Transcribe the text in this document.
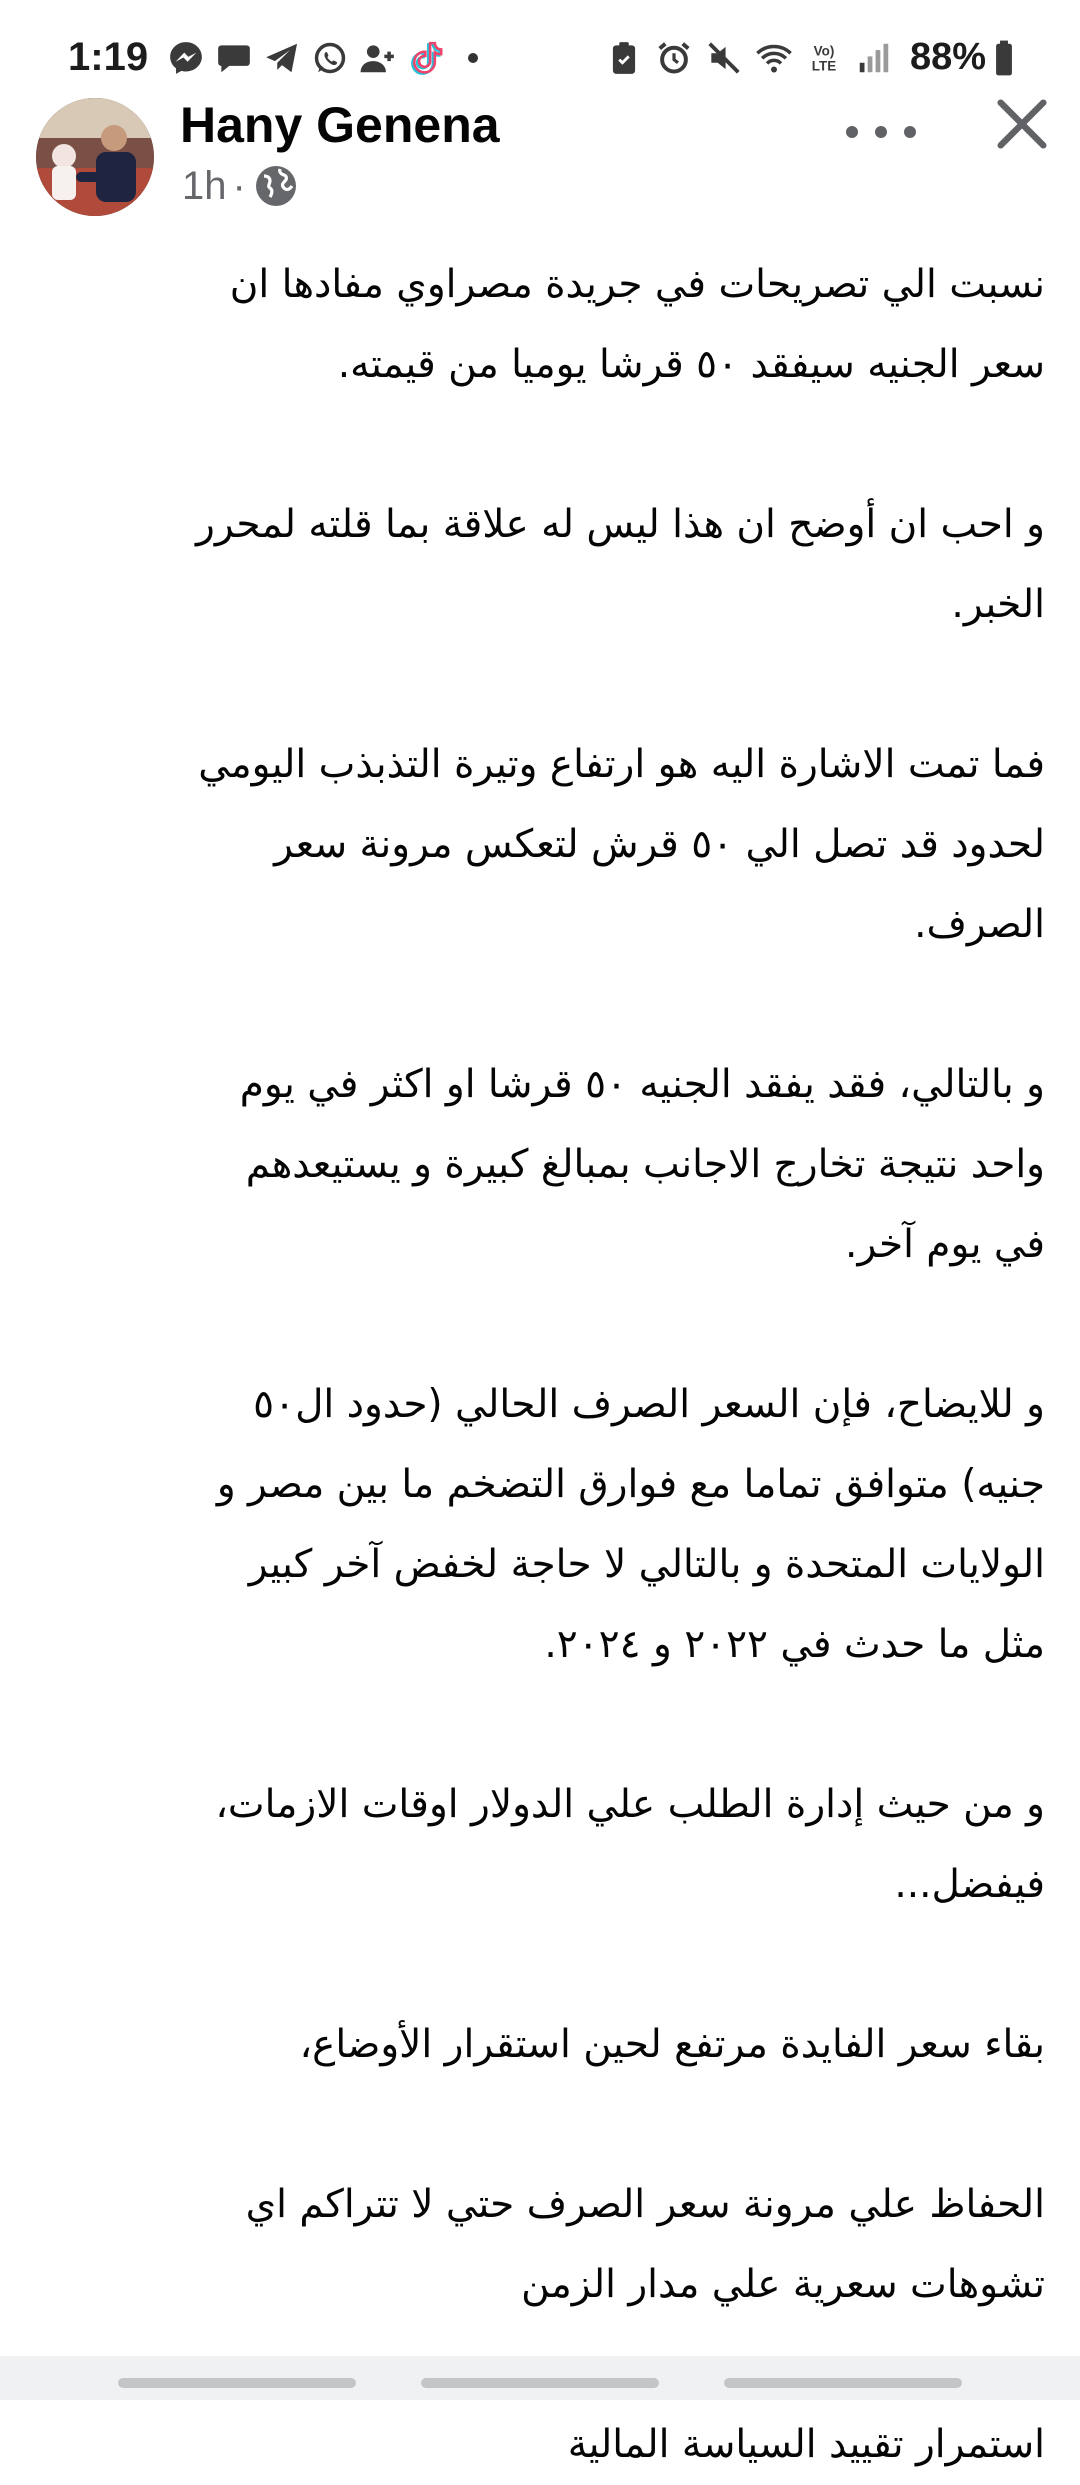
1:19	Vo)
LTE 88%
Hany Genena
1h ·
نسبت الي تصريحات في جريدة مصراوي مفادها ان
سعر الجنيه سيفقد ٥٠ قرشا يوميا من قيمته.
و احب ان أوضح ان هذا ليس له علاقة بما قلته لمحرر
الخبر.
فما تمت الاشارة اليه هو ارتفاع وتيرة التذبذب اليومي
لحدود قد تصل الي ٥٠ قرش لتعكس مرونة سعر
الصرف.
و بالتالي، فقد يفقد الجنيه ٥٠ قرشا او اكثر في يوم
واحد نتيجة تخارج الاجانب بمبالغ كبيرة و يستيعدهم
في يوم آخر.
و للايضاح، فإن السعر الصرف الحالي (حدود ال٥٠
جنيه) متوافق تماما مع فوارق التضخم ما بين مصر و
الولايات المتحدة و بالتالي لا حاجة لخفض آخر كبير
مثل ما حدث في ٢٠٢٢ و ٢٠٢٤.
و من حيث إدارة الطلب علي الدولار اوقات الازمات،
فيفضل...
بقاء سعر الفايدة مرتفع لحين استقرار الأوضاع،
الحفاظ علي مرونة سعر الصرف حتي لا تتراكم اي
تشوهات سعرية علي مدار الزمن
استمرار تقييد السياسة المالية
